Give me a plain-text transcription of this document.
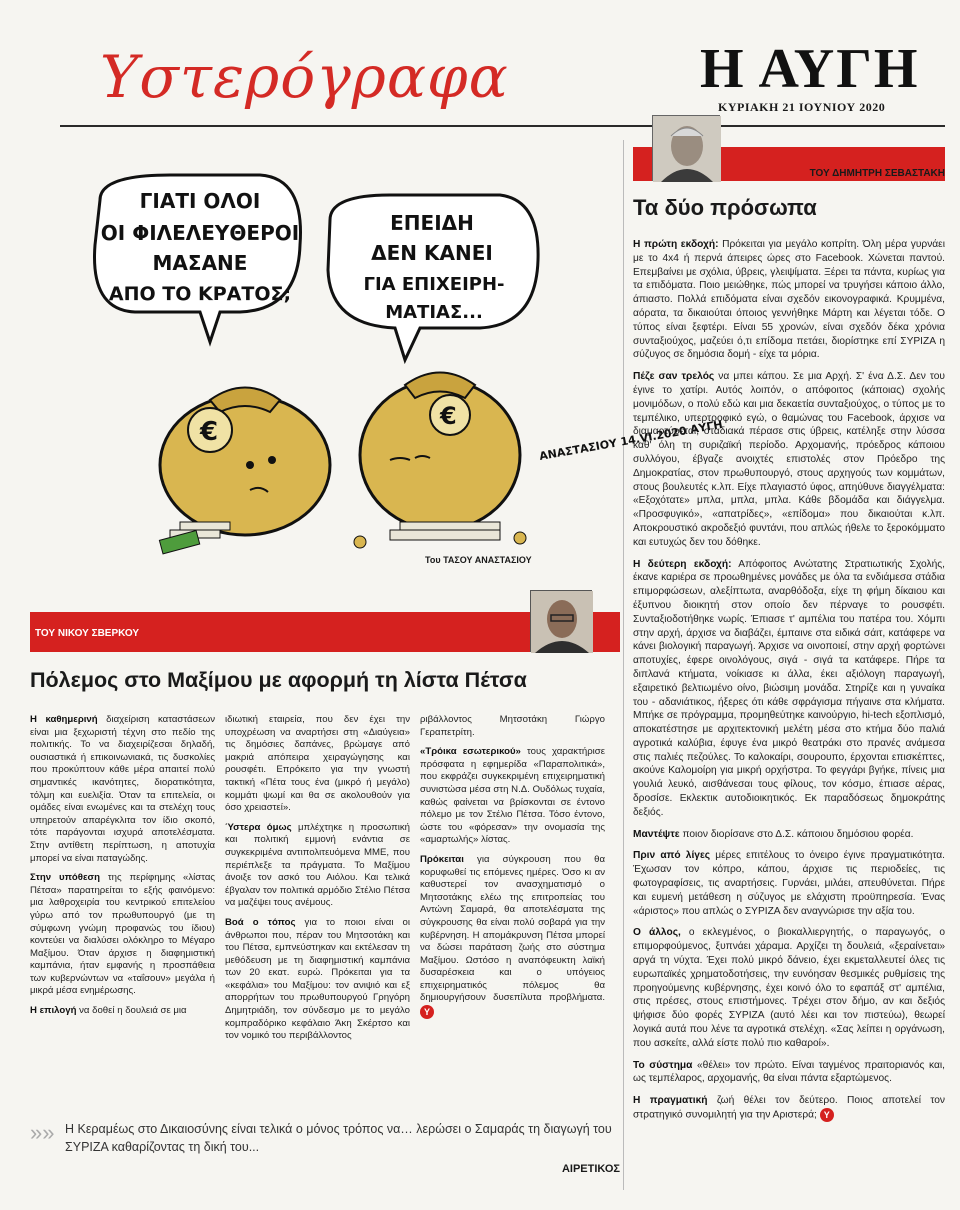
Υστερόγραφα	Η ΑΥΓΗ
ΚΥΡΙΑΚΗ 21 ΙΟΥΝΙΟΥ 2020
ΓΙΑΤΙ ΟΛΟΙ
ΟΙ ΦΙΛΕΛΕΥΘΕΡΟΙ
ΜΑΣΑΝΕ
ΑΠΟ ΤΟ ΚΡΑΤΟΣ;
ΕΠΕΙΔΗ
ΔΕΝ ΚΑΝΕΙ
ΓΙΑ ΕΠΙΧΕΙΡΗ-
ΜΑΤΙΑΣ...
€
€
ΑΝΑΣΤΑΣΙΟΥ 14.VI.2020 ΑΥΓΗ
Του ΤΑΣΟΥ ΑΝΑΣΤΑΣΙΟΥ
ΤΟΥ ΔΗΜΗΤΡΗ ΣΕΒΑΣΤΑΚΗ
Τα δύο πρόσωπα

Η πρώτη εκδοχή: Πρόκειται για μεγάλο κοπρίτη. Όλη μέρα γυρνάει με το 4x4 ή περνά άπειρες ώρες στο Facebook. Χώνεται παντού. Επεμβαίνει με σχόλια, ύβρεις, γλειψίματα. Ξέρει τα πάντα, κυρίως για τα επιδόματα. Ποιο μειώθηκε, πώς μπορεί να τρυγήσει κάποιο άλλο, άπιαστο. Πολλά επιδόματα είναι σχεδόν εικονογραφικά. Κρυμμένα, αόρατα, τα δικαιούται όποιος γεννήθηκε Μάρτη και λέγεται τόδε. Ο τύπος είναι ξεφτέρι. Είναι 55 χρονών, είναι σχεδόν δέκα χρόνια συνταξιούχος, μαζεύει ό,τι επίδομα πετάει, διορίστηκε επί ΣΥΡΙΖΑ η σύζυγος σε δημόσια δομή - είχε τα μόρια.

Πέζε σαν τρελός να μπει κάπου. Σε μια Αρχή. Σ' ένα Δ.Σ. Δεν του έγινε το χατίρι. Αυτός λοιπόν, ο απόφοιτος (κάποιας) σχολής μονιμόδων, ο πολύ εδώ και μια δεκαετία συνταξιούχος, ο τύπος με το τεμπέλικο, υπερτροφικό εγώ, ο θαμώνας του Facebook, άρχισε να διαμαρτύρεται, σταδιακά πέρασε στις ύβρεις, κατέληξε στην λύσσα καθ' όλη τη συριζαϊκή περίοδο. Αρχομανής, πρόεδρος κάποιου συλλόγου, έβγαζε ανοιχτές επιστολές στον Πρόεδρο της Δημοκρατίας, στον πρωθυπουργό, στους αρχηγούς των κομμάτων, στους βουλευτές κ.λπ. Είχε πλαγιαστό ύφος, απηύθυνε διαγγέλματα: «Εξοχότατε» μπλα, μπλα, μπλα. Κάθε βδομάδα και διάγγελμα. «Προσφυγικό», «απατρίδες», «επίδομα» που δικαιούται κ.λπ. Αποκρουστικό ακροδεξιό φυντάνι, που απλώς ήθελε το ξεροκόμματο και ευτυχώς δεν του δόθηκε.

Η δεύτερη εκδοχή: Απόφοιτος Ανώτατης Στρατιωτικής Σχολής, έκανε καριέρα σε προωθημένες μονάδες με όλα τα ενδιάμεσα στάδια επιμορφώσεων, αλεξίπτωτα, αναρθόδοξα, είχε τη φήμη δίκαιου και έξυπνου διοικητή στον οποίο δεν πέρναγε το ρουσφέτι. Συνταξιοδοτήθηκε νωρίς. Έπιασε τ' αμπέλια του πατέρα του. Χόμπι στην αρχή, άρχισε να διαβάζει, έμπαινε στα ειδικά σάιτ, κατάφερε να κάνει βιολογική παραγωγή. Άρχισε να οινοποιεί, στην αρχή φορτώνει αποτυχίες, έφερε οινολόγους, σιγά - σιγά τα κατάφερε. Πήρε τα διπλανά κτήματα, νοίκιασε κι άλλα, έκει αξιόλογη παραγωγή, εξαιρετικό βελτιωμένο οίνο, βιώσιμη μονάδα. Στηρίζε και η γυναίκα του - αδανιάτικος, ήξερες ότι κάθε σφράγισμα πήγαινε στα κλήματα. Μπήκε σε πρόγραμμα, προμηθεύτηκε καινούργιο, hi-tech εξοπλισμό, αποκατέστησε με αρχιτεκτονική μελέτη μέσα στο κτήμα δύο παλιά αγροτικά καλύβια, έφυγε ένα μικρό θεατράκι στο πρανές ανάμεσα στις παλιές πεζούλες. Το καλοκαίρι, σουρουπο, έρχονται επισκέπτες, ακούνε Καλομοίρη για μικρή ορχήστρα. Το φεγγάρι βγήκε, πίνεις μια γουλιά λευκό, αισθάνεσαι τους φίλους, τον κόσμο, έπιασε αέρας, δροσίσε. Εκλεκτικ αυτοδιοικητικός. Εκ παραδόσεως δημοκράτης δεξιός.

Μαντέψτε ποιον διορίσανε στο Δ.Σ. κάποιου δημόσιου φορέα.

Πριν από λίγες μέρες επιτέλους το όνειρο έγινε πραγματικότητα. Έχωσαν τον κόπρο, κάπου, άρχισε τις περιοδείες, τις φωτογραφίσεις, τις αναρτήσεις. Γυρνάει, μιλάει, απευθύνεται. Πήρε και ευμενή μετάθεση η σύζυγος με ελάχιστη προϋπηρεσία. Ένας «άριστος» που απλώς ο ΣΥΡΙΖΑ δεν αναγνώρισε την αξία του.

Ο άλλος, ο εκλεγμένος, ο βιοκαλλιεργητής, ο παραγωγός, ο επιμορφούμενος, ξυπνάει χάραμα. Αρχίζει τη δουλειά, «ξεραίνεται» αργά τη νύχτα. Έχει πολύ μικρό δάνειο, έχει εκμεταλλευτεί όλες τις ευρωπαϊκές χρηματοδοτήσεις, την ευνόησαν θεσμικές ρυθμίσεις της προηγούμενης κυβέρνησης, έχει κοινό όλο το εφαπάξ στ' αμπέλια, στις πρέσες, στους επιστήμονες. Τρέχει στον δήμο, αν και δεξιός ψήφισε δύο φορές ΣΥΡΙΖΑ (αυτό λέει και τον πιστεύω), θεωρεί λογικά αυτά που λένε τα αγροτικά στελέχη. «Σας λείπει η οργάνωση, που ασκείτε, αλλά είστε πολύ πιο καθαροί».

Το σύστημα «θέλει» τον πρώτο. Είναι ταγμένος πραιτοριανός και, ως τεμπέλαρος, αρχομανής, θα είναι πάντα εξαρτώμενος.

Η πραγματική ζωή θέλει τον δεύτερο. Ποιος αποτελεί τον στρατηγικό συνομιλητή για την Αριστερά; Υ

ΤΟΥ ΝΙΚΟΥ ΣΒΕΡΚΟΥ
Πόλεμος στο Μαξίμου με αφορμή τη λίστα Πέτσα

Η καθημερινή διαχείριση καταστάσεων είναι μια ξεχωριστή τέχνη στο πεδίο της πολιτικής. Το να διαχειρίζεσαι δηλαδή, ουσιαστικά ή επικοινωνιακά, τις δυσκολίες που προκύπτουν κάθε μέρα απαιτεί πολύ σημαντικές ικανότητες, διορατικότητα, τόλμη και ευελιξία. Όταν τα επιτελεία, οι ομάδες είναι ενωμένες και τα στελέχη τους υπηρετούν απαρέγκλιτα τον ίδιο σκοπό, τότε παράγονται ισχυρά αποτελέσματα. Στην αντίθετη περίπτωση, η αποτυχία μπορεί να είναι παταγώδης.

Στην υπόθεση της περίφημης «λίστας Πέτσα» παρατηρείται το εξής φαινόμενο: μια λαθροχειρία του κεντρικού επιτελείου γύρω από τον πρωθυπουργό (με τη σύμφωνη γνώμη προφανώς του ίδιου) κοντεύει να διαλύσει ολόκληρο το Μέγαρο Μαξίμου. Όταν άρχισε η διαφημιστική καμπάνια, ήταν εμφανής η προσπάθεια των κυβερνώντων να «ταΐσουν» μεγάλα ή μικρά μέσα ενημέρωσης.

Η επιλογή να δοθεί η δουλειά σε μια

ιδιωτική εταιρεία, που δεν έχει την υποχρέωση να αναρτήσει στη «Διαύγεια» τις δημόσιες δαπάνες, βρώμαγε από μακριά απόπειρα χειραγώγησης και ρουσφέτι. Επρόκειτο για την γνωστή τακτική «Πέτα τους ένα (μικρό ή μεγάλο) κομμάτι ψωμί και θα σε ακολουθούν για όσο χρειαστεί».

Ύστερα όμως μπλέχτηκε η προσωπική και πολιτική εμμονή ενάντια σε συγκεκριμένα αντιπολιτευόμενα ΜΜΕ, που περιέπλεξε τα πράγματα. Το Μαξίμου άνοιξε τον ασκό του Αιόλου. Και τελικά έβγαλαν τον πολιτικά αρμόδιο Στέλιο Πέτσα να μαζέψει τους ανέμους.

Βοά ο τόπος για το ποιοι είναι οι άνθρωποι που, πέραν του Μητσοτάκη και του Πέτσα, εμπνεύστηκαν και εκτέλεσαν τη μεθόδευση με τη διαφημιστική καμπάνια των 20 εκατ. ευρώ. Πρόκειται για τα «κεφάλια» του Μαξίμου: τον ανιψιό και εξ απορρήτων του πρωθυπουργού Γρηγόρη Δημητριάδη, τον σύνδεσμο με το μεγάλο κομπραδόρικο κεφάλαιο Άκη Σκέρτσο και τον νομικό του περιβάλλοντος

ριβάλλοντος Μητσοτάκη Γιώργο Γεραπετρίτη.

«Τρόικα εσωτερικού» τους χαρακτήρισε πρόσφατα η εφημερίδα «Παραπολιτικά», που εκφράζει συγκεκριμένη επιχειρηματική συνιστώσα μέσα στη Ν.Δ. Ουδόλως τυχαία, καθώς φαίνεται να βρίσκονται σε έντονο πόλεμο με τον Στέλιο Πέτσα. Τόσο έντονο, ώστε του «φόρεσαν» την ονομασία της «αμαρτωλής» λίστας.

Πρόκειται για σύγκρουση που θα κορυφωθεί τις επόμενες ημέρες. Όσο κι αν καθυστερεί τον ανασχηματισμό ο Μητσοτάκης ελέω της επιτροπείας του Αντώνη Σαμαρά, θα αποτελέσματα της σύγκρουσης θα είναι πολύ σοβαρά για την κυβέρνηση. Η απομάκρυνση Πέτσα μπορεί να δώσει παράταση ζωής στο σύστημα Μαξίμου. Ωστόσο η αναπόφευκτη λαϊκή δυσαρέσκεια και ο υπόγειος επιχειρηματικός πόλεμος θα δημιουργήσουν δυσεπίλυτα προβλήματα. Υ

»» Η Κεραμέως στο Δικαιοσύνης είναι τελικά ο μόνος τρόπος να… λερώσει ο Σαμαράς τη διαγωγή του ΣΥΡΙΖΑ καθαρίζοντας τη δική του...
ΑΙΡΕΤΙΚΟΣ
